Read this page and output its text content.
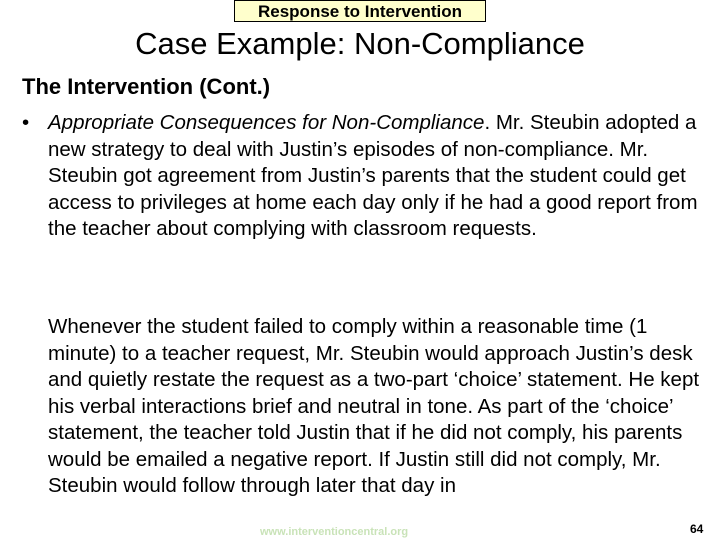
Response to Intervention
Case Example: Non-Compliance
The Intervention (Cont.)
• Appropriate Consequences for Non-Compliance. Mr. Steubin adopted a new strategy to deal with Justin’s episodes of non-compliance. Mr. Steubin got agreement from Justin’s parents that the student could get access to privileges at home each day only if he had a good report from the teacher about complying with classroom requests.
Whenever the student failed to comply within a reasonable time (1 minute) to a teacher request, Mr. Steubin would approach Justin’s desk and quietly restate the request as a two-part ‘choice’ statement. He kept his verbal interactions brief and neutral in tone. As part of the ‘choice’ statement, the teacher told Justin that if he did not comply, his parents would be emailed a negative report. If Justin still did not comply, Mr. Steubin would follow through later that day in
www.interventioncentral.org	64
